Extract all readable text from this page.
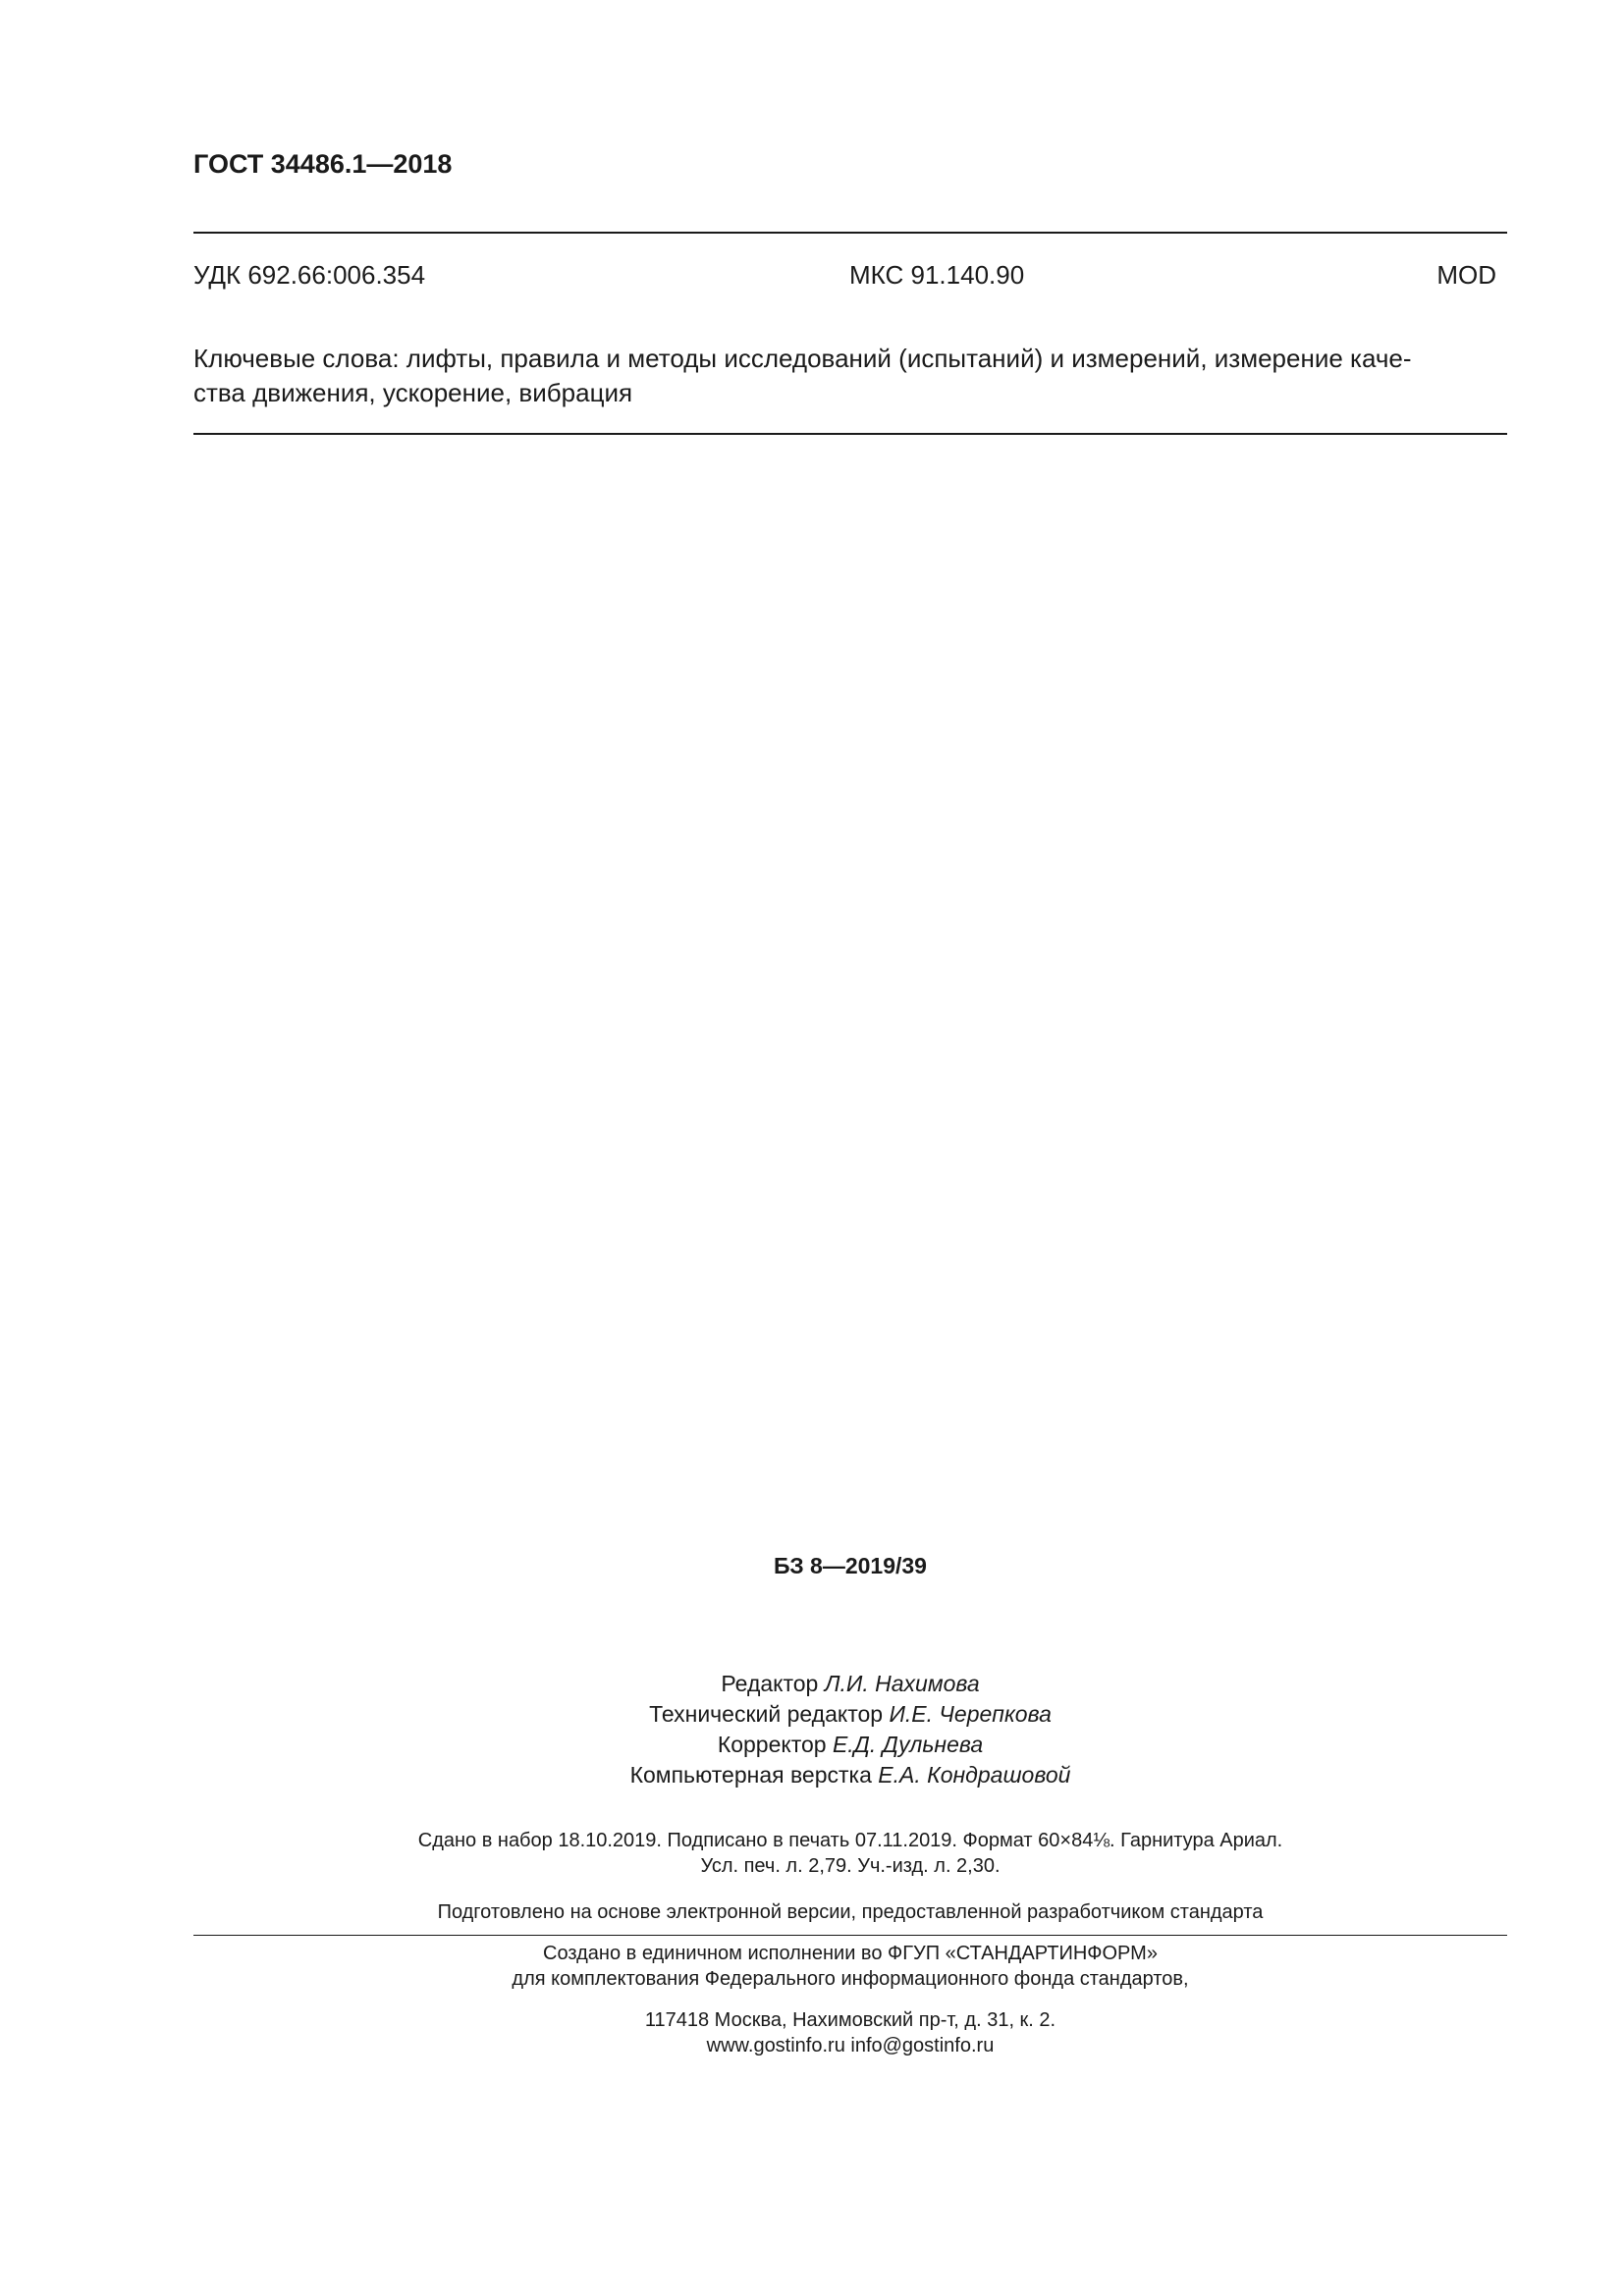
ГОСТ 34486.1—2018
УДК 692.66:006.354	МКС 91.140.90	MOD
Ключевые слова: лифты, правила и методы исследований (испытаний) и измерений, измерение каче-
ства движения, ускорение, вибрация
БЗ 8—2019/39
Редактор Л.И. Нахимова
Технический редактор И.Е. Черепкова
Корректор Е.Д. Дульнева
Компьютерная верстка Е.А. Кондрашовой
Сдано в набор 18.10.2019. Подписано в печать 07.11.2019. Формат 60×84⅛. Гарнитура Ариал.
Усл. печ. л. 2,79. Уч.-изд. л. 2,30.
Подготовлено на основе электронной версии, предоставленной разработчиком стандарта
Создано в единичном исполнении во ФГУП «СТАНДАРТИНФОРМ»
для комплектования Федерального информационного фонда стандартов,
117418 Москва, Нахимовский пр-т, д. 31, к. 2.
www.gostinfo.ru info@gostinfo.ru
